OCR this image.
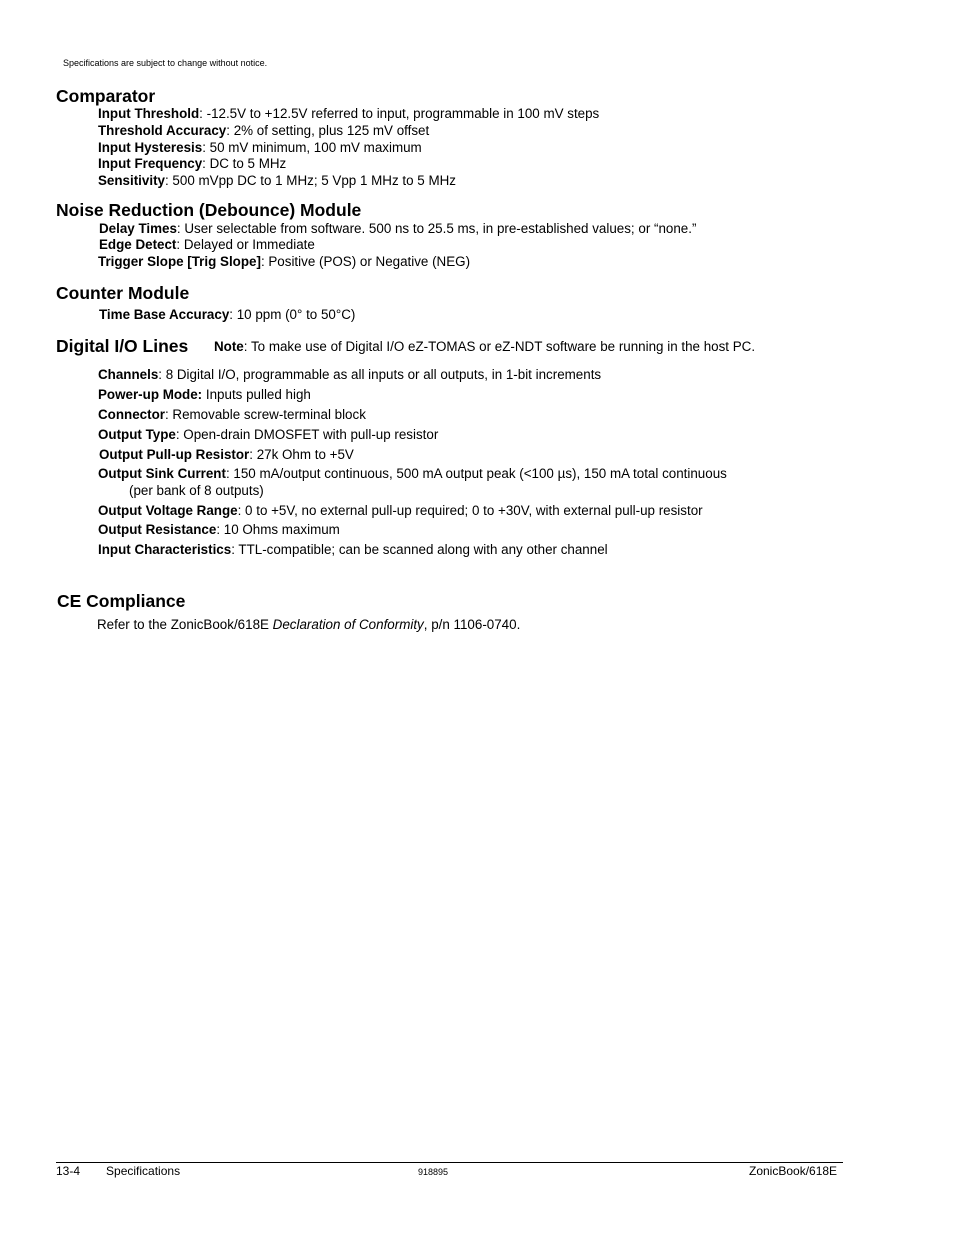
Specifications are subject to change without notice.
Comparator
Input Threshold: -12.5V to +12.5V referred to input, programmable in 100 mV steps
Threshold Accuracy: 2% of setting, plus 125 mV offset
Input Hysteresis: 50 mV minimum, 100 mV maximum
Input Frequency: DC to 5 MHz
Sensitivity: 500 mVpp DC to 1 MHz; 5 Vpp 1 MHz to 5 MHz
Noise Reduction (Debounce) Module
Delay Times: User selectable from software. 500 ns to 25.5 ms, in pre-established values; or “none.”
Edge Detect: Delayed or Immediate
Trigger Slope [Trig Slope]: Positive (POS) or Negative (NEG)
Counter Module
Time Base Accuracy: 10 ppm (0° to 50°C)
Digital I/O Lines Note: To make use of Digital I/O eZ-TOMAS or eZ-NDT software be running in the host PC.
Channels: 8 Digital I/O, programmable as all inputs or all outputs, in 1-bit increments
Power-up Mode: Inputs pulled high
Connector: Removable screw-terminal block
Output Type: Open-drain DMOSFET with pull-up resistor
Output Pull-up Resistor: 27k Ohm to +5V
Output Sink Current: 150 mA/output continuous, 500 mA output peak (<100 µs), 150 mA total continuous
(per bank of 8 outputs)
Output Voltage Range: 0 to +5V, no external pull-up required; 0 to +30V, with external pull-up resistor
Output Resistance: 10 Ohms maximum
Input Characteristics: TTL-compatible; can be scanned along with any other channel
CE Compliance
Refer to the ZonicBook/618E Declaration of Conformity, p/n 1106-0740.
13-4 Specifications	918895	ZonicBook/618E
